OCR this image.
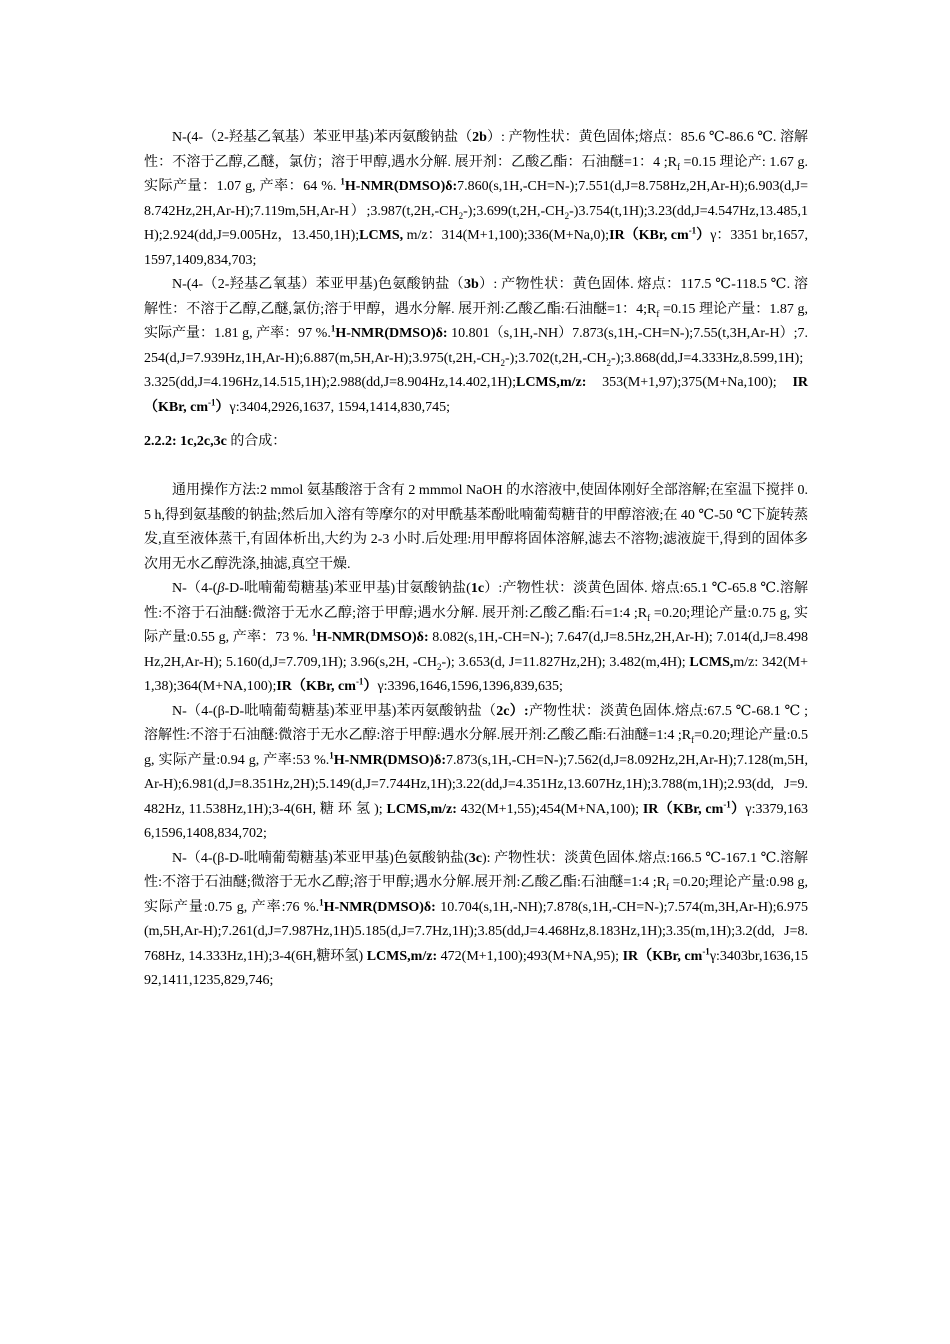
N-(4-（2-羟基乙氧基）苯亚甲基)苯丙氨酸钠盐（2b）: 产物性状：黄色固体;熔点：85.6 ℃-86.6 ℃. 溶解性：不溶于乙醇,乙醚，氯仿；溶于甲醇,遇水分解. 展开剂：乙酸乙酯：石油醚=1：4 $;R_f =0.15$ 理论产: 1.67 g.实际产量：1.07 g, 产率：64 %. $^1H-NMR(DMSO)\delta:7.860(s,1H,-CH=N-);7.551(d,J=8.758Hz,2H,Ar-H);6.903(d,J=8.742Hz,2H,Ar-H);7.119m,5H,Ar-H);3.987(t,2H,-CH_2-){};3.699(t,2H,-CH_2-)3.754(t,1H);3.23(dd,J=4.547Hz,13.485,1H);2.924(dd,J=9.005Hz$，13.450,1H);LCMS, m/z：314(M+1,100);336(M+Na,0);IR（KBr, $cm^{-1})\gamma$：3351 br,1657,1597,1409,834,703;

N-(4-（2-羟基乙氧基）苯亚甲基)色氨酸钠盐（3b）: 产物性状：黄色固体. 熔点：117.5 ℃-118.5 ℃. 溶解性：不溶于乙醇,乙醚,氯仿;溶于甲醇，遇水分解. 展开剂:乙酸乙酯:石油醚=1：$4;R_f =0.15$ 理论产量：1.87 g, 实际产量：1.81 g, 产率：97 %.$^1$H-NMR(DMSO)δ: $10.801(s,1H,-NH)7.873(s,1H,-CH=N-);7.55(t,3H,Ar-H);7.254(d,J=7.939Hz,1H,Ar-H);6.887(m,5H,Ar-H);3.975(t,2H,-CH_2-);3.702(t{},2H,-CH_2-);3.868(dd,J=4.333Hz,8.599,1H);3.325(dd,J=4.196Hz,14.515,1H);2.988(dd,J=8.904Hz,14.402,1H);LCMS,m/z$: 353(M+1,97);375(M+Na,100); IR（KBr, $cm^{-1})\gamma:3404,2926,1637$, 1594,1414,830,745;

2.2.2: 1c,2c,3c 的合成：

通用操作方法:2 mmol 氨基酸溶于含有 2 mmmol NaOH 的水溶液中,使固体刚好全部溶解;在室温下搅拌 0.5 h,得到氨基酸的钠盐;然后加入溶有等摩尔的对甲酰基苯酚吡喃葡萄糖苷的甲醇溶液;在 40 ℃-50 ℃下旋转蒸发,直至液体蒸干,有固体析出,大约为 2-3 小时.后处理:用甲醇将固体溶解,滤去不溶物;滤液旋干,得到的固体多次用无水乙醇洗涤,抽滤,真空干燥.

N-（4-(β-D-吡喃葡萄糖基)苯亚甲基)甘氨酸钠盐(1c）:产物性状：淡黄色固体. 熔点:65.1 ℃-65.8 ℃.溶解性:不溶于石油醚:微溶于无水乙醇;溶于甲醇;遇水分解. 展开剂:乙酸乙酯:石=1:4 $;R_f =0.20$;理论产量:0.75 g, 实际产量:0.55 g, 产率：73 %. $^1$H-NMR(DMSO)δ: 8.082(s,1H,-CH=N-); 7.647(d,J=8.5Hz,2H,Ar-H); 7.014(d,J=8.498Hz,2H,Ar-H); 5.160(d,J=7.709,1H); 3.96(s,2H, $-CH_2-$); 3.653(d, J=11.827Hz,2H); 3.482(m,4H); LCMS,m/z: 342(M+1,38);364(M+NA,100);IR（KBr, $cm^{-1})\gamma:3396,1646,1596,1396,839,635$;

N-（4-(β-D-吡喃葡萄糖基)苯亚甲基)苯丙氨酸钠盐（2c）:产物性状：淡黄色固体.熔点:67.5 ℃-68.1 ℃ ;溶解性:不溶于石油醚:微溶于无水乙醇:溶于甲醇:遇水分解.展开剂:乙酸乙酯:石油醚=1:4 $;R_f=0.20$;理论产量:0.5 g, 实际产量:0.94 g, 产率:53 %.$^1$H-NMR(DMSO)δ:7.873(s,1H,-CH=N-);7.562(d,J=8.092Hz,2H,Ar-H);7.128(m,5H,Ar-H);6.981(d,J=8.351Hz,2H);5.149(d,J=7.744Hz,1H);3.22(dd,J=4.351Hz,13.607Hz,1H);3.788(m,1H);2.93(dd, J=9.482Hz, 11.538Hz,1H);3-4(6H, 糖 环 氢 ); LCMS,m/z: 432(M+1,55);454(M+NA,100); IR（KBr, $cm^{-1})\gamma:3379,1636,1596,1408,834,702$;

N-（4-(β-D-吡喃葡萄糖基)苯亚甲基)色氨酸钠盐(3c): 产物性状：淡黄色固体.熔点:166.5 ℃-167.1 ℃.溶解性:不溶于石油醚;微溶于无水乙醇;溶于甲醇;遇水分解.展开剂:乙酸乙酯:石油醚=1:4 $;R_f =0.20$;理论产量:0.98 g, 实际产量:0.75 g, 产率:76 %.$^1$H-NMR(DMSO)δ: 10.704(s,1H,-NH);7.878(s,1H,-CH=N-);7.574(m,3H,Ar-H);6.975(m,5H,Ar-H);7.261(d,J=7.987Hz,1H)5.185(d,J=7.7Hz,1H);3.85(dd,J=4.468Hz,8.183Hz,1H);3.35(m,1H);3.2(dd, J=8.768Hz, 14.333Hz,1H);3-4(6H,糖环氢) LCMS,m/z: 472(M+1,100);493(M+NA,95); IR（KBr, $cm^{-1}\gamma:3403br,1636,1592,1411,1235,829,746$;
